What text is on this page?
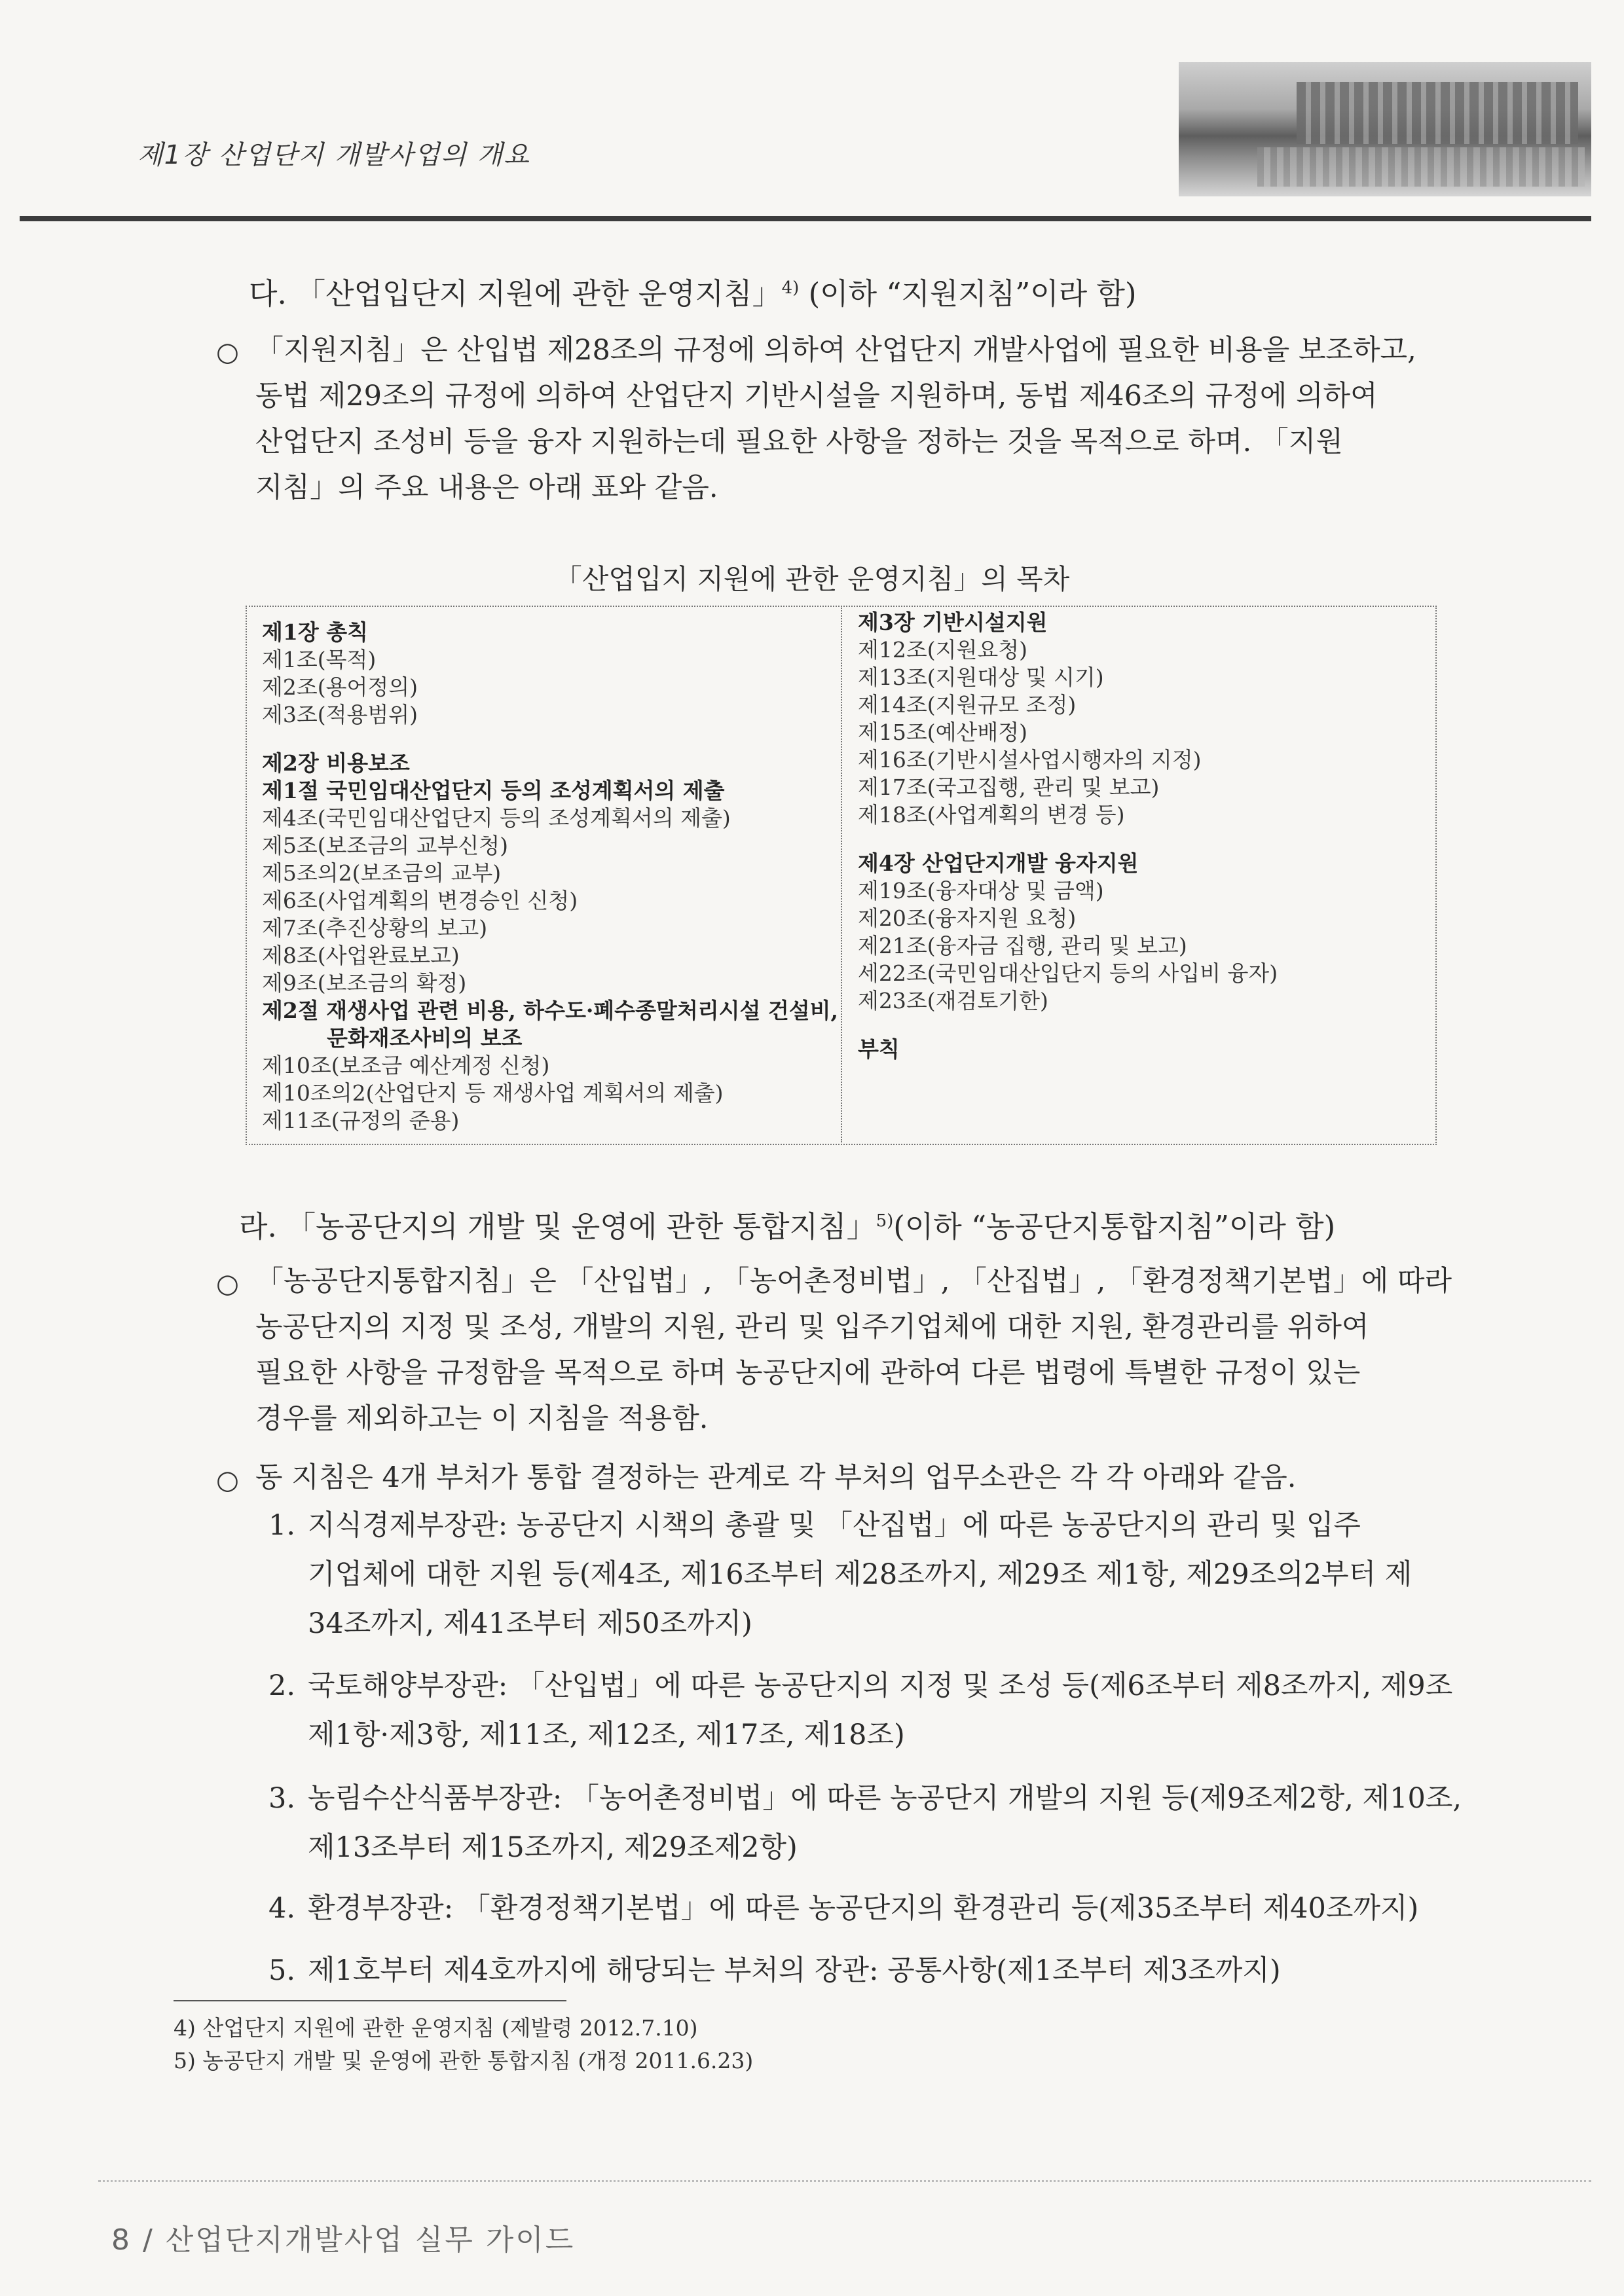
제1장 산업단지 개발사업의 개요
다. 「산업입단지 지원에 관한 운영지침」$^{4)}$ (이하 “지원지침”이라 함)
○ 「지원지침」은 산입법 제28조의 규정에 의하여 산업단지 개발사업에 필요한 비용을 보조하고,
동법 제29조의 규정에 의하여 산업단지 기반시설을 지원하며, 동법 제46조의 규정에 의하여
산업단지 조성비 등을 융자 지원하는데 필요한 사항을 정하는 것을 목적으로 하며. 「지원
지침」의 주요 내용은 아래 표와 같음.
「산업입지 지원에 관한 운영지침」의 목차
제1장 총칙
제1조(목적)
제2조(용어정의)
제3조(적용범위)
제2장 비용보조
제1절 국민임대산업단지 등의 조성계획서의 제출
제4조(국민임대산업단지 등의 조성계획서의 제출)
제5조(보조금의 교부신청)
제5조의2(보조금의 교부)
제6조(사업계획의 변경승인 신청)
제7조(추진상황의 보고)
제8조(사업완료보고)
제9조(보조금의 확정)
제2절 재생사업 관련 비용, 하수도·폐수종말처리시설 건설비,
　　　문화재조사비의 보조
제10조(보조금 예산계정 신청)
제10조의2(산업단지 등 재생사업 계획서의 제출)
제11조(규정의 준용)
제3장 기반시설지원
제12조(지원요청)
제13조(지원대상 및 시기)
제14조(지원규모 조정)
제15조(예산배정)
제16조(기반시설사업시행자의 지정)
제17조(국고집행, 관리 및 보고)
제18조(사업계획의 변경 등)
제4장 산업단지개발 융자지원
제19조(융자대상 및 금액)
제20조(융자지원 요청)
제21조(융자금 집행, 관리 및 보고)
세22조(국민임대산입단지 등의 사입비 융자)
제23조(재검토기한)
부칙
라. 「농공단지의 개발 및 운영에 관한 통합지침」$^{5)}$(이하 “농공단지통합지침”이라 함)
○ 「농공단지통합지침」은 「산입법」, 「농어촌정비법」, 「산집법」, 「환경정책기본법」에 따라
농공단지의 지정 및 조성, 개발의 지원, 관리 및 입주기업체에 대한 지원, 환경관리를 위하여
필요한 사항을 규정함을 목적으로 하며 농공단지에 관하여 다른 법령에 특별한 규정이 있는
경우를 제외하고는 이 지침을 적용함.
○ 동 지침은 4개 부처가 통합 결정하는 관계로 각 부처의 업무소관은 각 각 아래와 같음.
1. 지식경제부장관: 농공단지 시책의 총괄 및 「산집법」에 따른 농공단지의 관리 및 입주
기업체에 대한 지원 등(제4조, 제16조부터 제28조까지, 제29조 제1항, 제29조의2부터 제
34조까지, 제41조부터 제50조까지)
2. 국토해양부장관: 「산입법」에 따른 농공단지의 지정 및 조성 등(제6조부터 제8조까지, 제9조
제1항·제3항, 제11조, 제12조, 제17조, 제18조)
3. 농림수산식품부장관: 「농어촌정비법」에 따른 농공단지 개발의 지원 등(제9조제2항, 제10조,
제13조부터 제15조까지, 제29조제2항)
4. 환경부장관: 「환경정책기본법」에 따른 농공단지의 환경관리 등(제35조부터 제40조까지)
5. 제1호부터 제4호까지에 해당되는 부처의 장관: 공통사항(제1조부터 제3조까지)
4) 산업단지 지원에 관한 운영지침 (제발령 2012.7.10)
5) 농공단지 개발 및 운영에 관한 통합지침 (개정 2011.6.23)
8 / 산업단지개발사업 실무 가이드
